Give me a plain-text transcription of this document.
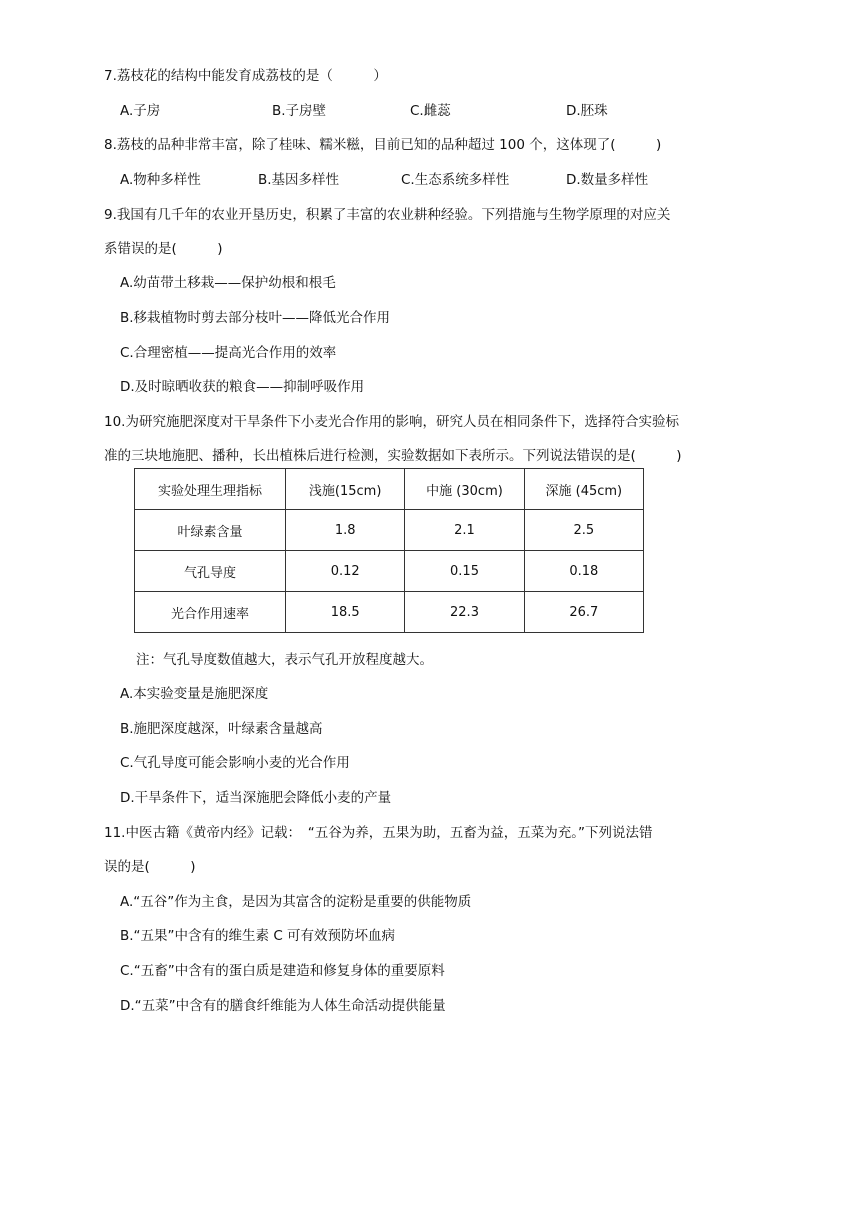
7.荔枝花的结构中能发育成荔枝的是（　　　）
A.子房	B.子房壁	C.雌蕊	D.胚珠
8.荔枝的品种非常丰富，除了桂味、糯米糍，目前已知的品种超过 100 个，这体现了(　　　)
A.物种多样性	B.基因多样性	C.生态系统多样性	D.数量多样性
9.我国有几千年的农业开垦历史，积累了丰富的农业耕种经验。下列措施与生物学原理的对应关
系错误的是(　　　)
A.幼苗带土移栽——保护幼根和根毛
B.移栽植物时剪去部分枝叶——降低光合作用
C.合理密植——提高光合作用的效率
D.及时晾晒收获的粮食——抑制呼吸作用
10.为研究施肥深度对干旱条件下小麦光合作用的影响，研究人员在相同条件下，选择符合实验标
准的三块地施肥、播种，长出植株后进行检测，实验数据如下表所示。下列说法错误的是(　　　)
实验处理生理指标	浅施(15cm)	中施 (30cm)	深施 (45cm)
叶绿素含量	1.8	2.1	2.5
气孔导度	0.12	0.15	0.18
光合作用速率	18.5	22.3	26.7
注：气孔导度数值越大，表示气孔开放程度越大。
A.本实验变量是施肥深度
B.施肥深度越深，叶绿素含量越高
C.气孔导度可能会影响小麦的光合作用
D.干旱条件下，适当深施肥会降低小麦的产量
11.中医古籍《黄帝内经》记载：　“五谷为养，五果为助，五畜为益，五菜为充。”下列说法错
误的是(　　　)
A.“五谷”作为主食，是因为其富含的淀粉是重要的供能物质
B.“五果”中含有的维生素 C 可有效预防坏血病
C.“五畜”中含有的蛋白质是建造和修复身体的重要原料
D.“五菜”中含有的膳食纤维能为人体生命活动提供能量
